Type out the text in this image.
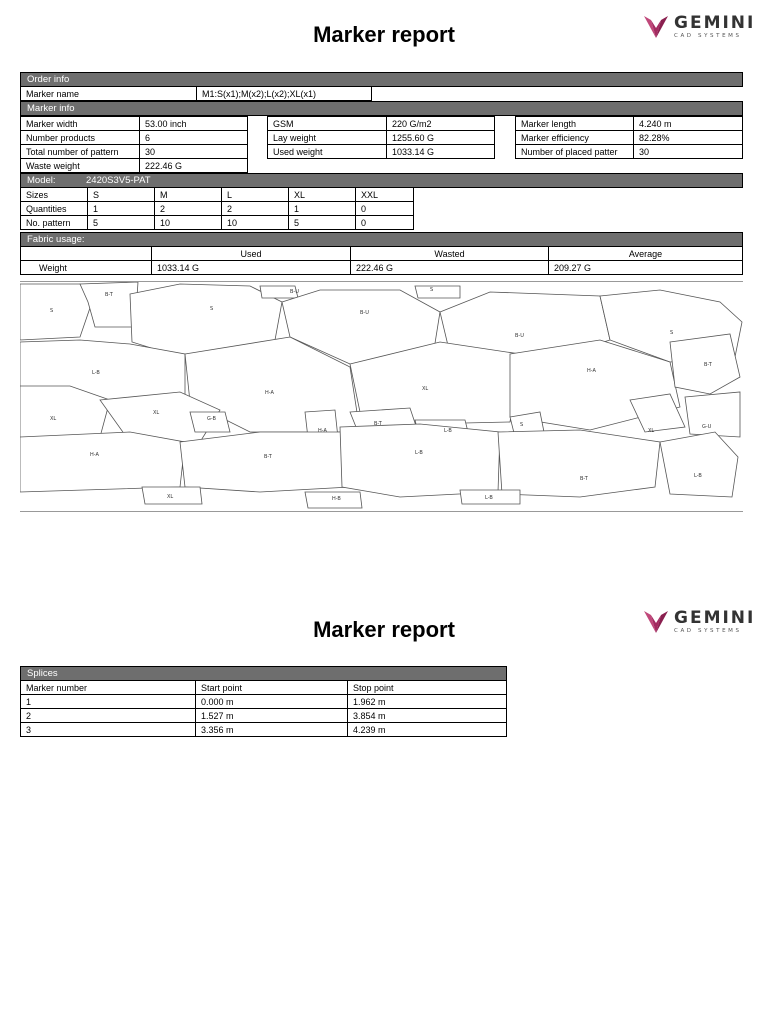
Marker report	GEMINI
CAD SYSTEMS
Order info
Marker name	M1:S(x1);M(x2);L(x2);XL(x1)
Marker info
Marker width	53.00 inch
Number products	6
Total number of pattern	30
Waste weight	222.46 G
GSM	220 G/m2
Lay weight	1255.60 G
Used weight	1033.14 G
Marker length	4.240 m
Marker efficiency	82.28%
Number of placed patter	30
Model:	2420S3V5-PAT
Sizes	S	M	L	XL	XXL
Quantities	1	2	2	1	0
No. pattern	5	10	10	5	0
Fabric usage:
	Used	Wasted	Average
Weight	1033.14 G	222.46 G	209.27 G
S
B-T	B-U	S
S
B-U
B-U	S
L-B
XL
H-A
XL
H-A
B-T
XL	G-B
H-A
B-T
L-B
S
XL
G-U
H-A	B-T
L-B
B-T	L-B
XL	H-B	L-B
Marker report	GEMINI
CAD SYSTEMS
Splices
Marker number	Start point	Stop point
1	0.000 m	1.962 m
2	1.527 m	3.854 m
3	3.356 m	4.239 m
